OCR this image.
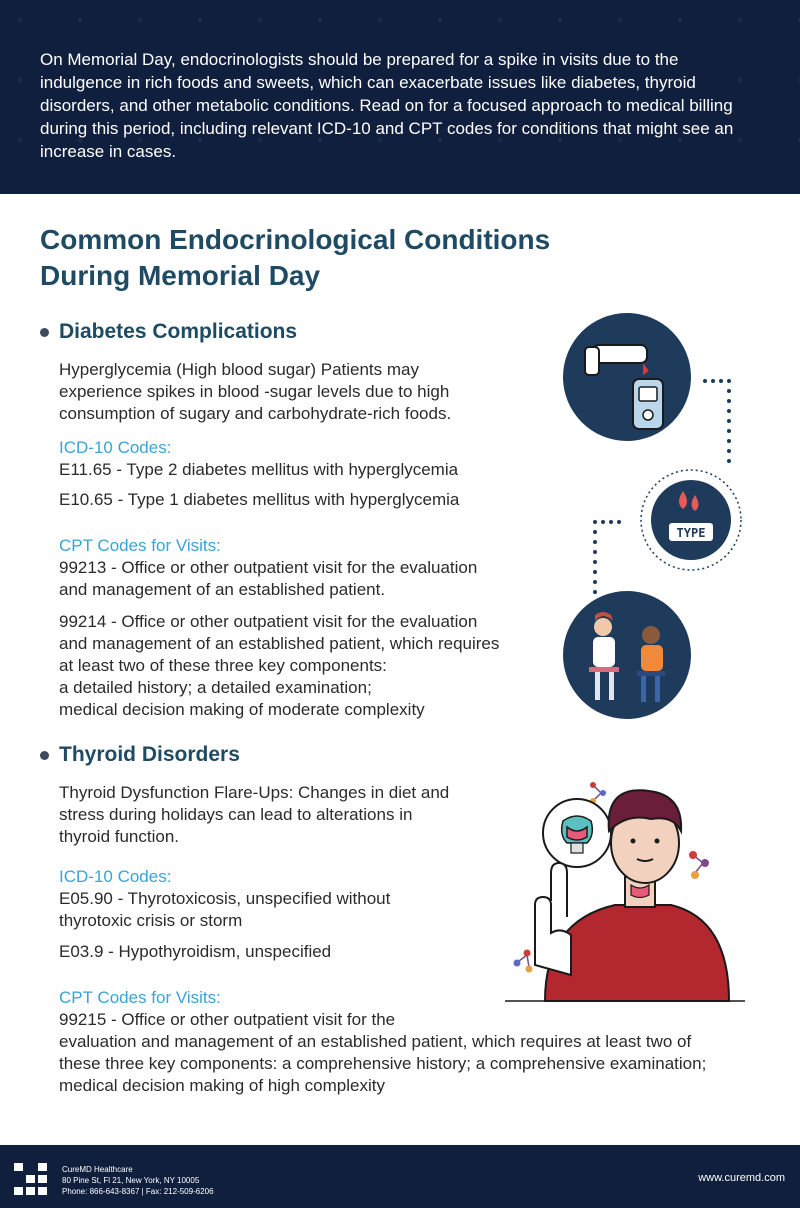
On Memorial Day, endocrinologists should be prepared for a spike in visits due to the indulgence in rich foods and sweets, which can exacerbate issues like diabetes, thyroid disorders, and other metabolic conditions. Read on for a focused approach to medical billing during this period, including relevant ICD-10 and CPT codes for conditions that might see an increase in cases.

Common Endocrinological Conditions
During Memorial Day
Diabetes Complications
Hyperglycemia (High blood sugar) Patients may
experience spikes in blood -sugar levels due to high
consumption of sugary and carbohydrate-rich foods.
ICD-10 Codes:
E11.65 - Type 2 diabetes mellitus with hyperglycemia
E10.65 - Type 1 diabetes mellitus with hyperglycemia
CPT Codes for Visits:
99213 - Office or other outpatient visit for the evaluation
and management of an established patient.
99214 - Office or other outpatient visit for the evaluation
and management of an established patient, which requires
at least two of these three key components:
a detailed history; a detailed examination;
medical decision making of moderate complexity
TYPE
Thyroid Disorders
Thyroid Dysfunction Flare-Ups: Changes in diet and
stress during holidays can lead to alterations in
thyroid function.
ICD-10 Codes:
E05.90 - Thyrotoxicosis, unspecified without
thyrotoxic crisis or storm
E03.9 - Hypothyroidism, unspecified
CPT Codes for Visits:
99215 - Office or other outpatient visit for the
evaluation and management of an established patient, which requires at least two of
these three key components: a comprehensive history; a comprehensive examination;
medical decision making of high complexity
CureMD Healthcare
80 Pine St, Fl 21, New York, NY 10005
Phone: 866-643-8367 | Fax: 212-509-6206
www.curemd.com
